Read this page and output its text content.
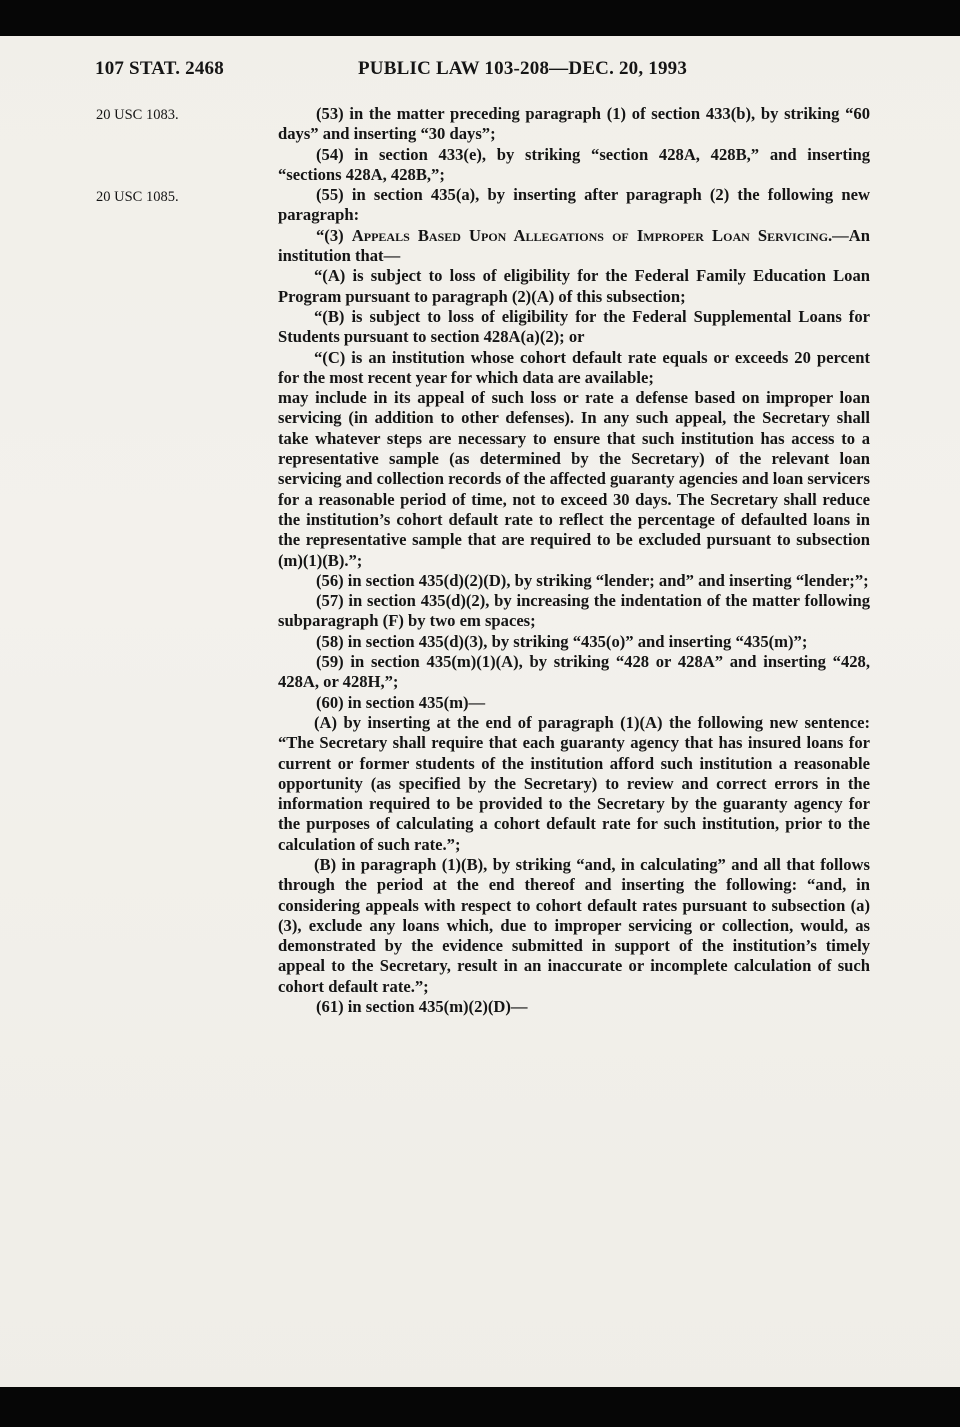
107 STAT. 2468	PUBLIC LAW 103-208—DEC. 20, 1993
20 USC 1083.
20 USC 1085.

(53) in the matter preceding paragraph (1) of section 433(b), by striking “60 days” and inserting “30 days”;

(54) in section 433(e), by striking “section 428A, 428B,” and inserting “sections 428A, 428B,”;

(55) in section 435(a), by inserting after paragraph (2) the following new paragraph:

“(3) Appeals Based Upon Allegations of Improper Loan Servicing.—An institution that—

“(A) is subject to loss of eligibility for the Federal Family Education Loan Program pursuant to paragraph (2)(A) of this subsection;

“(B) is subject to loss of eligibility for the Federal Supplemental Loans for Students pursuant to section 428A(a)(2); or

“(C) is an institution whose cohort default rate equals or exceeds 20 percent for the most recent year for which data are available;

may include in its appeal of such loss or rate a defense based on improper loan servicing (in addition to other defenses). In any such appeal, the Secretary shall take whatever steps are necessary to ensure that such institution has access to a representative sample (as determined by the Secretary) of the relevant loan servicing and collection records of the affected guaranty agencies and loan servicers for a reasonable period of time, not to exceed 30 days. The Secretary shall reduce the institution’s cohort default rate to reflect the percentage of defaulted loans in the representative sample that are required to be excluded pursuant to subsection (m)(1)(B).”;

(56) in section 435(d)(2)(D), by striking “lender; and” and inserting “lender;”;

(57) in section 435(d)(2), by increasing the indentation of the matter following subparagraph (F) by two em spaces;

(58) in section 435(d)(3), by striking “435(o)” and inserting “435(m)”;

(59) in section 435(m)(1)(A), by striking “428 or 428A” and inserting “428, 428A, or 428H,”;

(60) in section 435(m)—

(A) by inserting at the end of paragraph (1)(A) the following new sentence: “The Secretary shall require that each guaranty agency that has insured loans for current or former students of the institution afford such institution a reasonable opportunity (as specified by the Secretary) to review and correct errors in the information required to be provided to the Secretary by the guaranty agency for the purposes of calculating a cohort default rate for such institution, prior to the calculation of such rate.”;

(B) in paragraph (1)(B), by striking “and, in calculating” and all that follows through the period at the end thereof and inserting the following: “and, in considering appeals with respect to cohort default rates pursuant to subsection (a)(3), exclude any loans which, due to improper servicing or collection, would, as demonstrated by the evidence submitted in support of the institution’s timely appeal to the Secretary, result in an inaccurate or incomplete calculation of such cohort default rate.”;

(61) in section 435(m)(2)(D)—
